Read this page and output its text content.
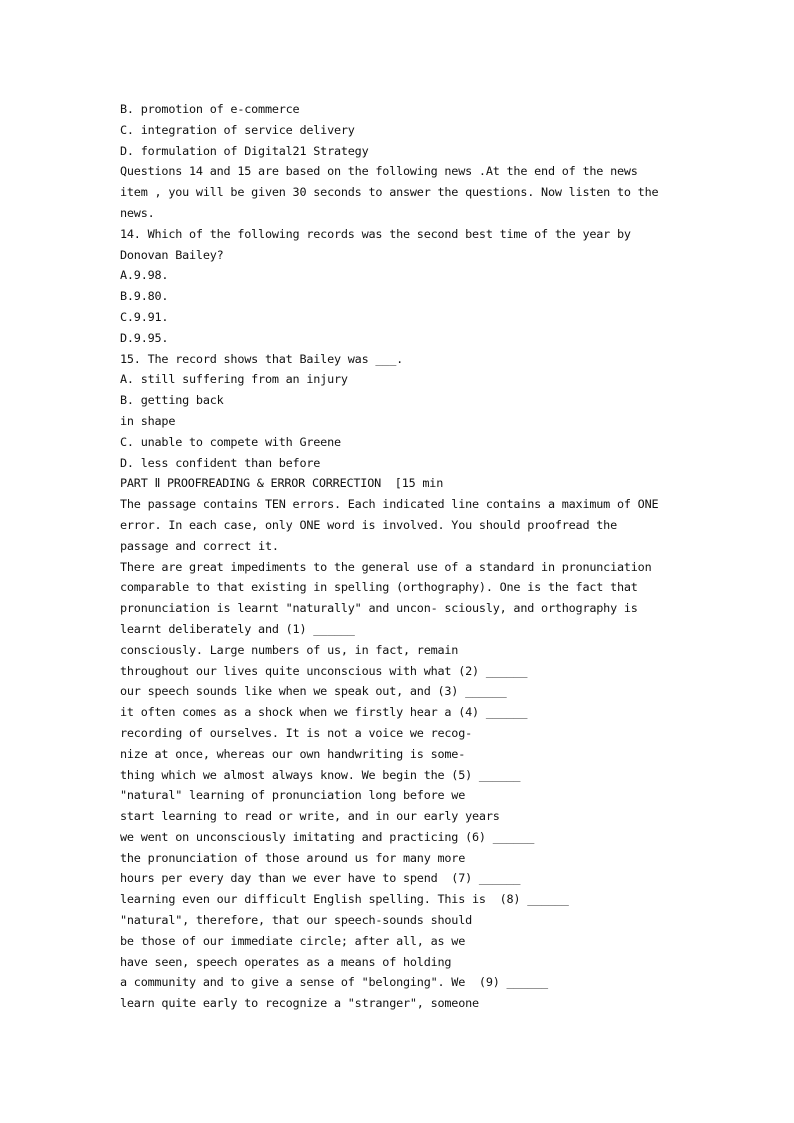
B. promotion of e-commerce
C. integration of service delivery
D. formulation of Digital21 Strategy
Questions 14 and 15 are based on the following news .At the end of the news
item , you will be given 30 seconds to answer the questions. Now listen to the
news.
14. Which of the following records was the second best time of the year by
Donovan Bailey?
A.9.98.
B.9.80.
C.9.91.
D.9.95.
15. The record shows that Bailey was ___.
A. still suffering from an injury
B. getting back
in shape
C. unable to compete with Greene
D. less confident than before
PART Ⅱ PROOFREADING & ERROR CORRECTION  [15 min
The passage contains TEN errors. Each indicated line contains a maximum of ONE
error. In each case, only ONE word is involved. You should proofread the
passage and correct it.
There are great impediments to the general use of a standard in pronunciation
comparable to that existing in spelling (orthography). One is the fact that
pronunciation is learnt "naturally" and uncon- sciously, and orthography is
learnt deliberately and (1) ______
consciously. Large numbers of us, in fact, remain
throughout our lives quite unconscious with what (2) ______
our speech sounds like when we speak out, and (3) ______
it often comes as a shock when we firstly hear a (4) ______
recording of ourselves. It is not a voice we recog-
nize at once, whereas our own handwriting is some-
thing which we almost always know. We begin the (5) ______
"natural" learning of pronunciation long before we
start learning to read or write, and in our early years
we went on unconsciously imitating and practicing (6) ______
the pronunciation of those around us for many more
hours per every day than we ever have to spend  (7) ______
learning even our difficult English spelling. This is  (8) ______
"natural", therefore, that our speech-sounds should
be those of our immediate circle; after all, as we
have seen, speech operates as a means of holding
a community and to give a sense of "belonging". We  (9) ______
learn quite early to recognize a "stranger", someone
